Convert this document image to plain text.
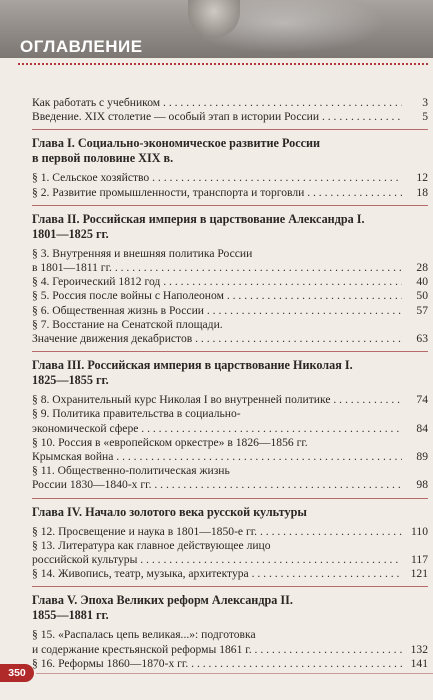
ОГЛАВЛЕНИЕ
Как работать с учебником . . .	3
Введение. XIX столетие — особый этап в истории России . . .	5
Глава I. Социально-экономическое развитие России
в первой половине XIX в.
§ 1. Сельское хозяйство . . .	12
§ 2. Развитие промышленности, транспорта и торговли . . .	18
Глава II. Российская империя в царствование Александра I.
1801—1825 гг.
§ 3. Внутренняя и внешняя политика России
в 1801—1811 гг. . . .	28
§ 4. Героический 1812 год . . .	40
§ 5. Россия после войны с Наполеоном . . .	50
§ 6. Общественная жизнь в России . . .	57
§ 7. Восстание на Сенатской площади.
Значение движения декабристов . . .	63
Глава III. Российская империя в царствование Николая I.
1825—1855 гг.
§ 8. Охранительный курс Николая I во внутренней политике . . .	74
§ 9. Политика правительства в социально-
экономической сфере . . .	84
§ 10. Россия в «европейском оркестре» в 1826—1856 гг.
Крымская война . . .	89
§ 11. Общественно-политическая жизнь
России 1830—1840-х гг. . . .	98
Глава IV. Начало золотого века русской культуры
§ 12. Просвещение и наука в 1801—1850-е гг. . . .	110
§ 13. Литература как главное действующее лицо
российской культуры . . .	117
§ 14. Живопись, театр, музыка, архитектура . . .	121
Глава V. Эпоха Великих реформ Александра II.
1855—1881 гг.
§ 15. «Распалась цепь великая...»: подготовка
и содержание крестьянской реформы 1861 г. . . .	132
§ 16. Реформы 1860—1870-х гг. . . .	141
350
